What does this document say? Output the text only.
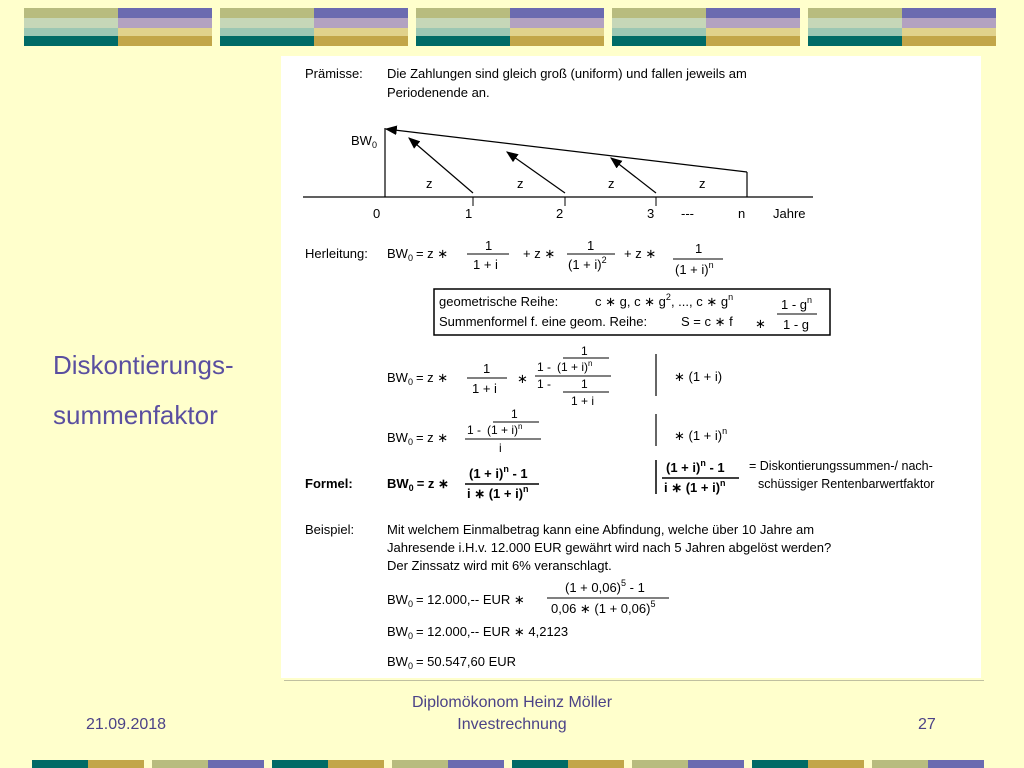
Diskontierungs-
summenfaktor
Prämisse: Die Zahlungen sind gleich groß (uniform) und fallen jeweils am
Periodenende an.
$BW_0$
z	z	z	z
0	1	2	3 ---	n Jahre
Herleitung: $BW_0 = z$ ∗
1
1 + i
+ z ∗
1
$(1 + i)^2 + z$ ∗	1
$(1 + i)^n$
geometrische Reihe:	c ∗ g, c ∗ $g^2$, ..., c ∗ $g^n$
Summenformel f. eine geom. Reihe:	S = c ∗ f ∗
$1 - g^n$
1 - g
$BW_0 = z$ ∗
1
1 + i
∗
1
$1 - (1 + i)^n$
1 - 1
1 + i
∗ (1 + i)
$BW_0 = z$ ∗
1
$1 - (1 + i)^n$
i
∗ $(1 + i)^n$
Formel:	$BW_0 = z$ ∗
$(1 + i)^n - 1$
i ∗ $(1 + i)^n$
$(1 + i)^n - 1$
i ∗ $(1 + i)^n$
= Diskontierungssummen-/ nach-
schüssiger Rentenbarwertfaktor
Beispiel:	Mit welchem Einmalbetrag kann eine Abfindung, welche über 10 Jahre am
Jahresende i.H.v. 12.000 EUR gewährt wird nach 5 Jahren abgelöst werden?
Der Zinssatz wird mit 6% veranschlagt.
$BW_0 = 12.000,--$ EUR ∗
$(1 + 0,06)^5 - 1$
0,06 ∗ $(1 + 0,06)^5$
$BW_0 = 12.000,--$ EUR ∗ 4,2123
$BW_0 = 50.547,60$ EUR
21.09.2018
Diplomökonom Heinz Möller
Investrechnung	27
